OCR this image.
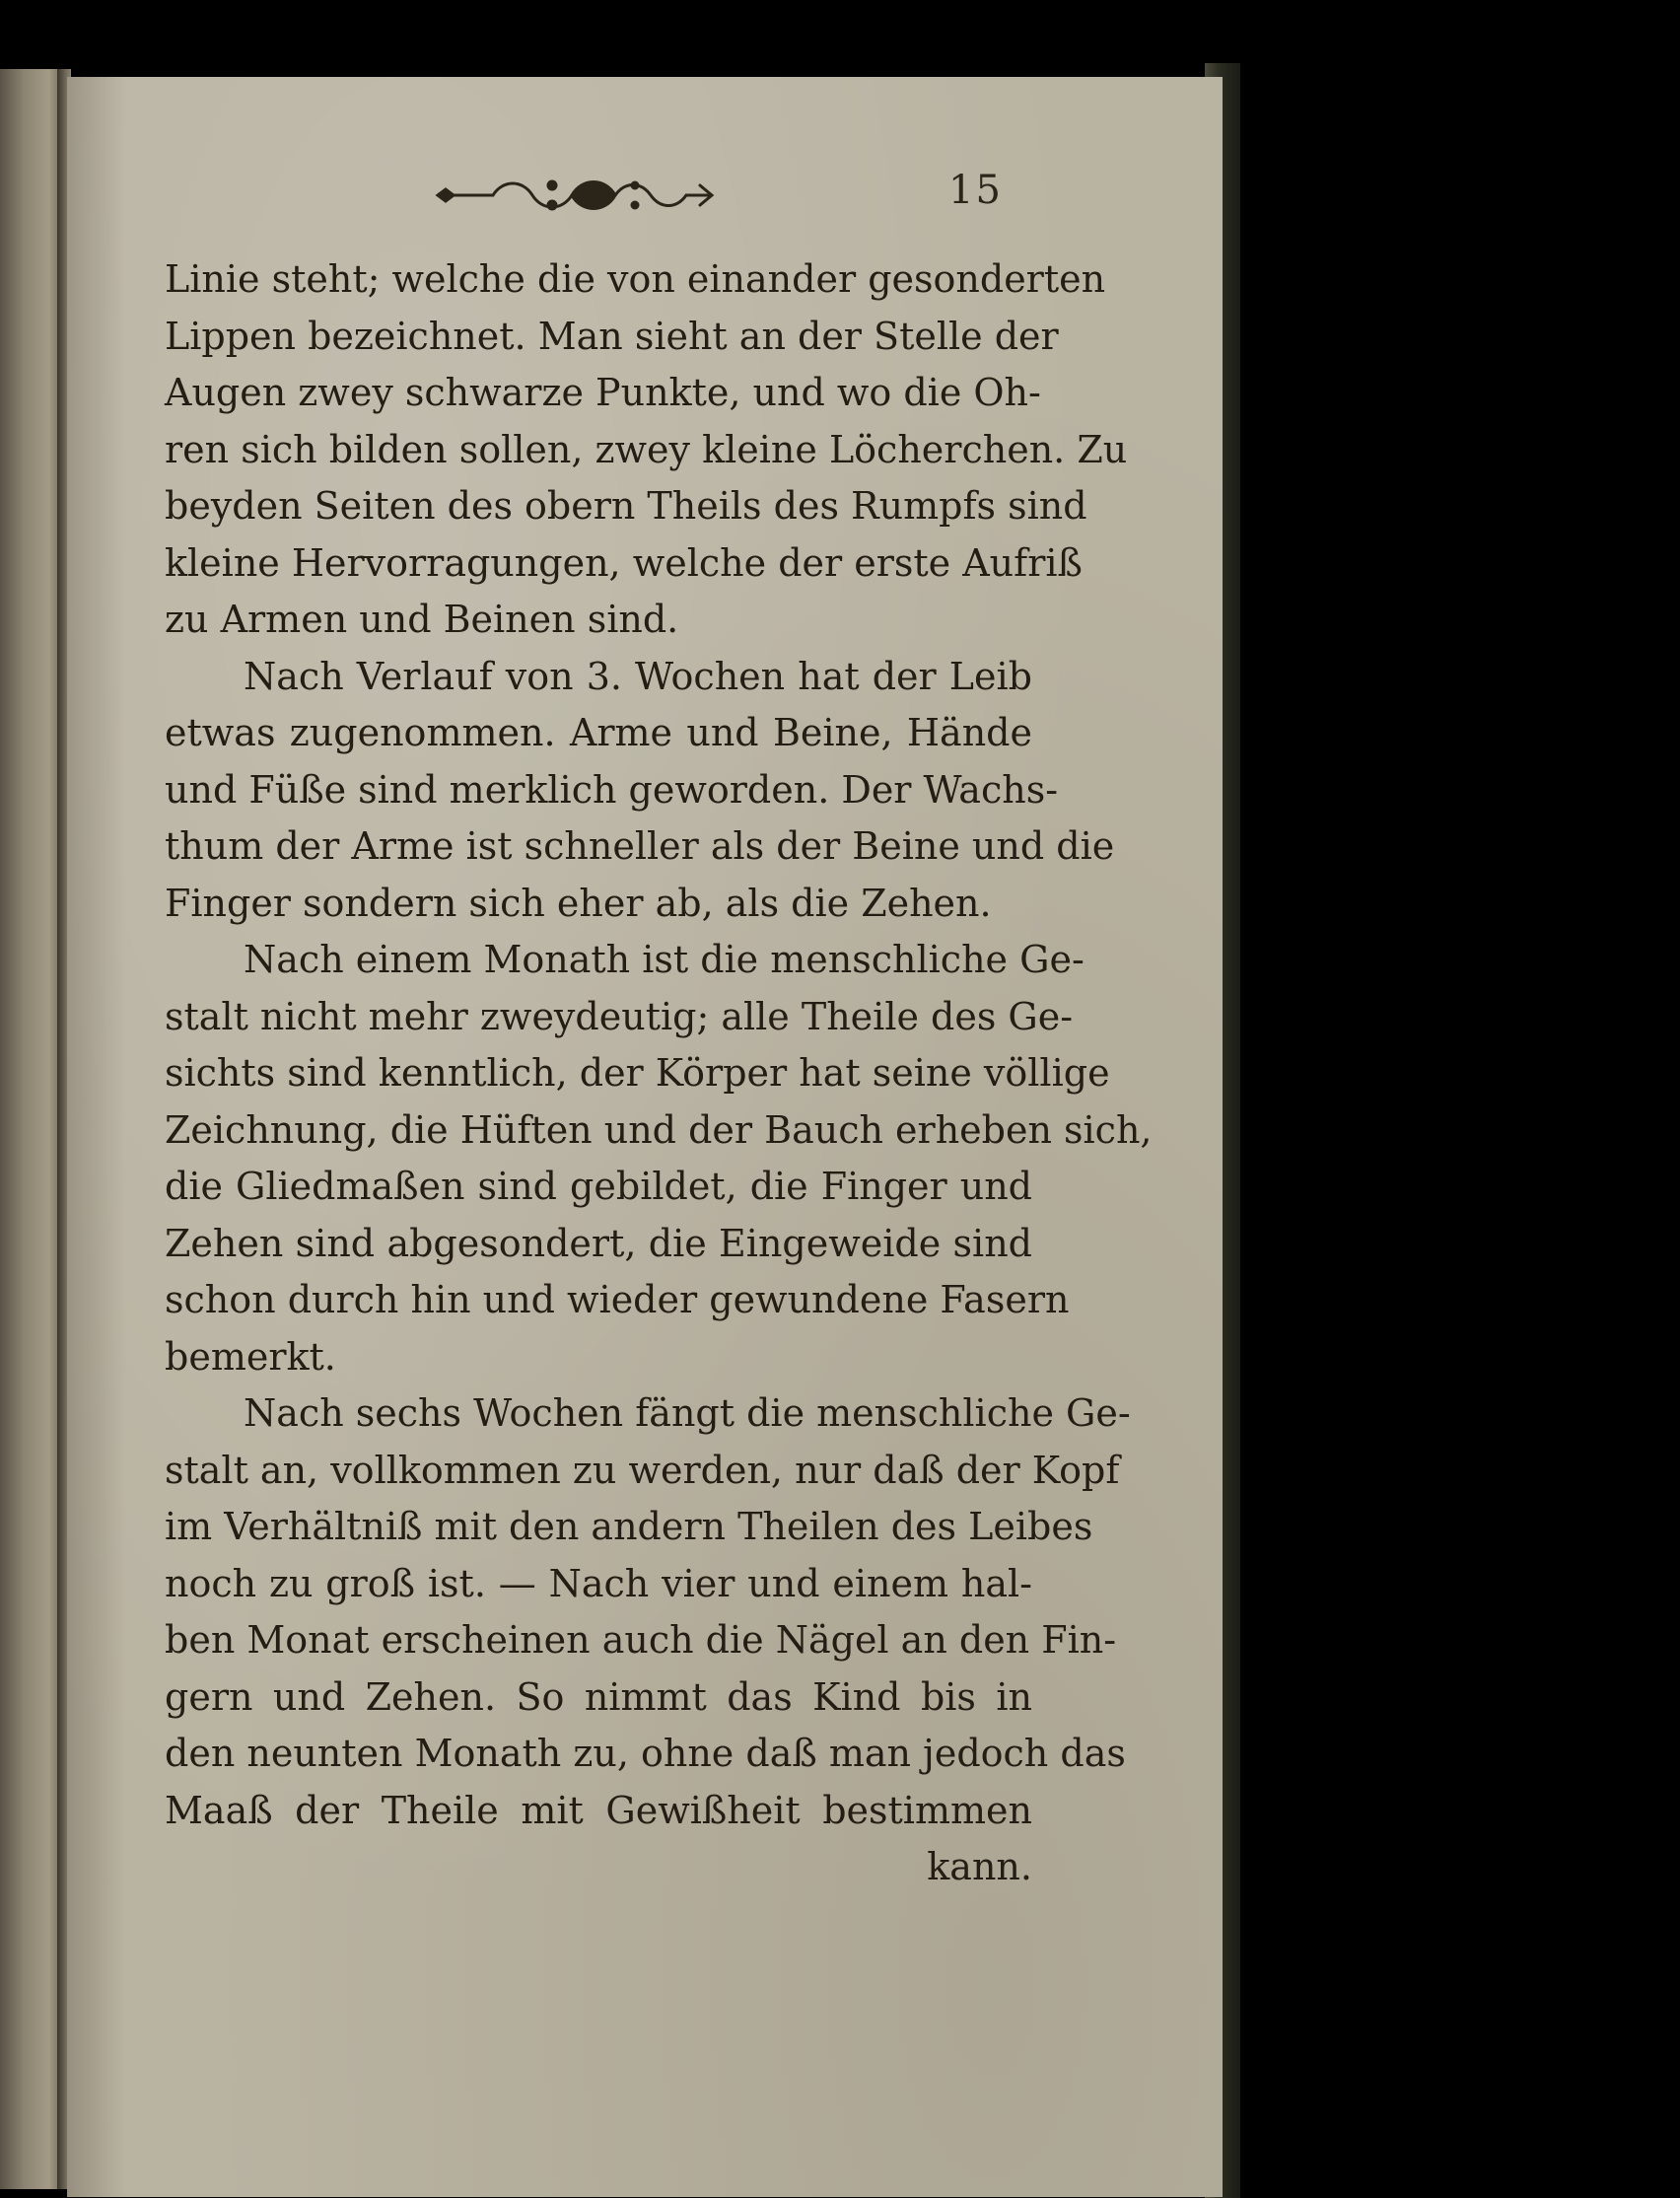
15
Linie steht; welche die von einander gesonderten
Lippen bezeichnet. Man sieht an der Stelle der
Augen zwey schwarze Punkte, und wo die Oh-
ren sich bilden sollen, zwey kleine Löcherchen. Zu
beyden Seiten des obern Theils des Rumpfs sind
kleine Hervorragungen, welche der erste Aufriß
zu Armen und Beinen sind.
Nach Verlauf von 3. Wochen hat der Leib
etwas zugenommen. Arme und Beine, Hände
und Füße sind merklich geworden. Der Wachs-
thum der Arme ist schneller als der Beine und die
Finger sondern sich eher ab, als die Zehen.
Nach einem Monath ist die menschliche Ge-
stalt nicht mehr zweydeutig; alle Theile des Ge-
sichts sind kenntlich, der Körper hat seine völlige
Zeichnung, die Hüften und der Bauch erheben sich,
die Gliedmaßen sind gebildet, die Finger und
Zehen sind abgesondert, die Eingeweide sind
schon durch hin und wieder gewundene Fasern
bemerkt.
Nach sechs Wochen fängt die menschliche Ge-
stalt an, vollkommen zu werden, nur daß der Kopf
im Verhältniß mit den andern Theilen des Leibes
noch zu groß ist. — Nach vier und einem hal-
ben Monat erscheinen auch die Nägel an den Fin-
gern und Zehen. So nimmt das Kind bis in
den neunten Monath zu, ohne daß man jedoch das
Maaß der Theile mit Gewißheit bestimmen
kann.
